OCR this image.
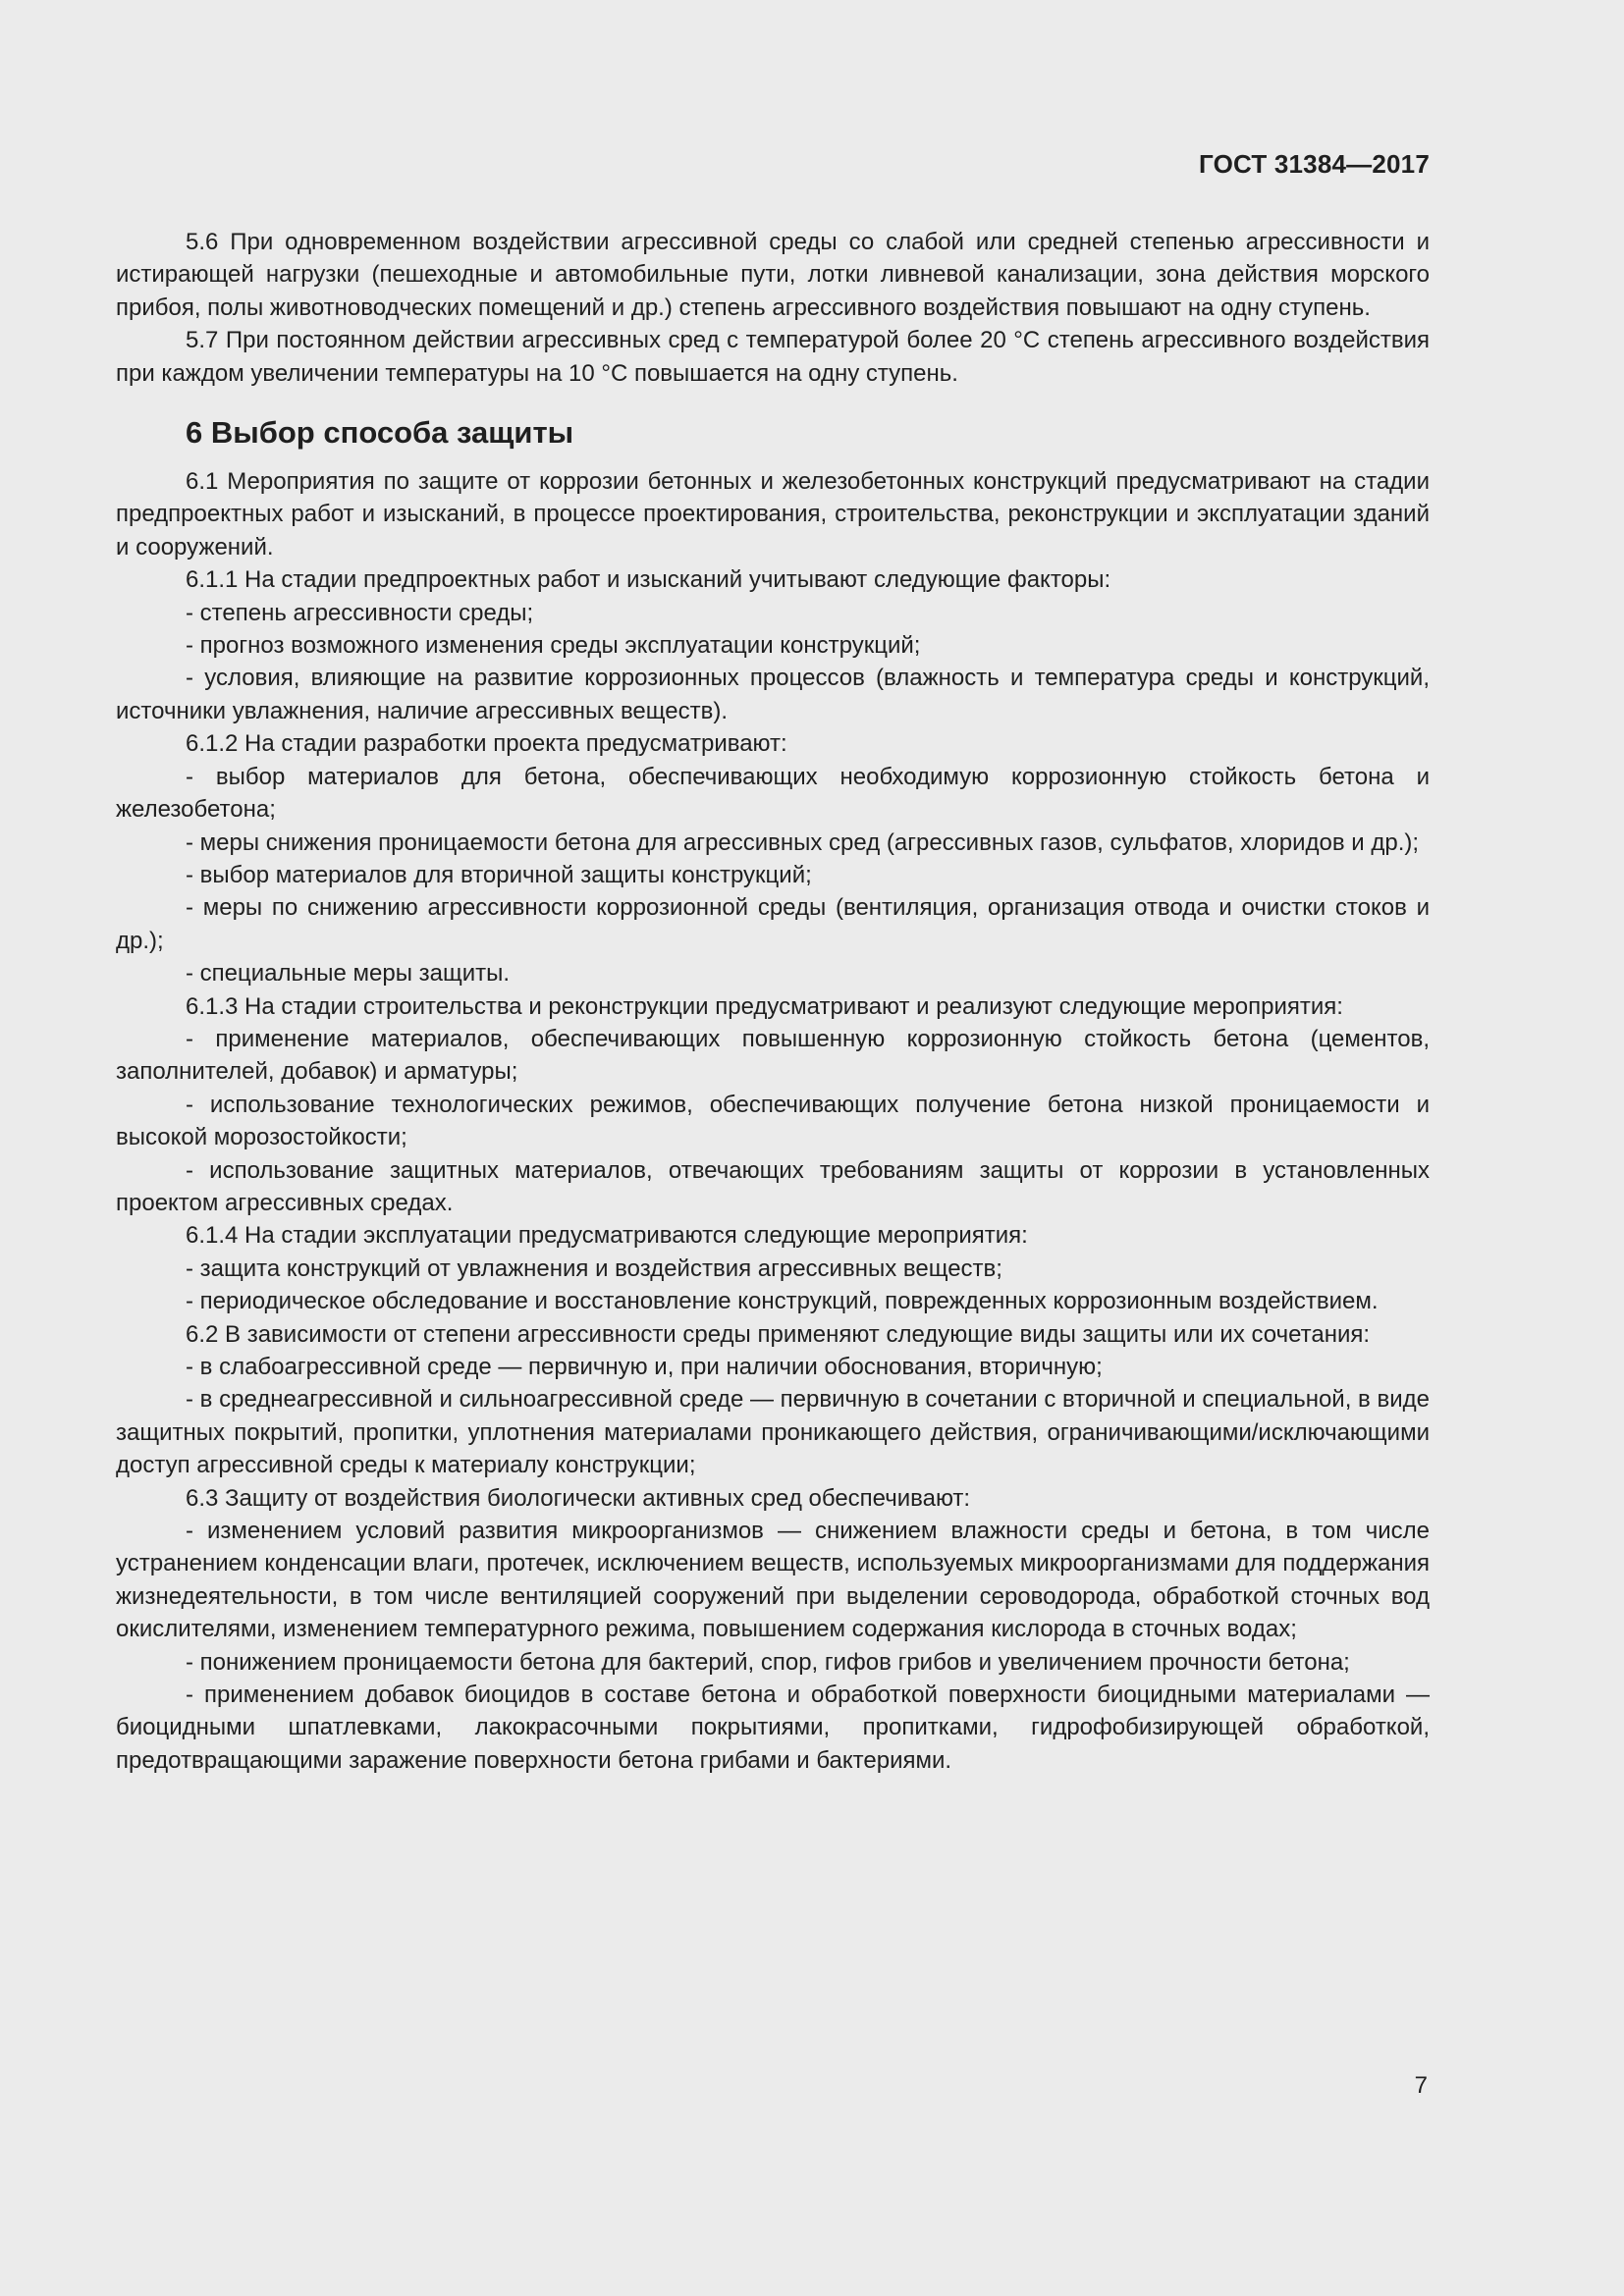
ГОСТ 31384—2017

5.6 При одновременном воздействии агрессивной среды со слабой или средней степенью агрессивности и истирающей нагрузки (пешеходные и автомобильные пути, лотки ливневой канализации, зона действия морского прибоя, полы животноводческих помещений и др.) степень агрессивного воздействия повышают на одну ступень.

5.7 При постоянном действии агрессивных сред с температурой более 20 °С степень агрессивного воздействия при каждом увеличении температуры на 10 °С повышается на одну ступень.

6 Выбор способа защиты

6.1 Мероприятия по защите от коррозии бетонных и железобетонных конструкций предусматривают на стадии предпроектных работ и изысканий, в процессе проектирования, строительства, реконструкции и эксплуатации зданий и сооружений.

6.1.1 На стадии предпроектных работ и изысканий учитывают следующие факторы:

- степень агрессивности среды;

- прогноз возможного изменения среды эксплуатации конструкций;

- условия, влияющие на развитие коррозионных процессов (влажность и температура среды и конструкций, источники увлажнения, наличие агрессивных веществ).

6.1.2 На стадии разработки проекта предусматривают:

- выбор материалов для бетона, обеспечивающих необходимую коррозионную стойкость бетона и железобетона;

- меры снижения проницаемости бетона для агрессивных сред (агрессивных газов, сульфатов, хлоридов и др.);

- выбор материалов для вторичной защиты конструкций;

- меры по снижению агрессивности коррозионной среды (вентиляция, организация отвода и очистки стоков и др.);

- специальные меры защиты.

6.1.3 На стадии строительства и реконструкции предусматривают и реализуют следующие мероприятия:

- применение материалов, обеспечивающих повышенную коррозионную стойкость бетона (цементов, заполнителей, добавок) и арматуры;

- использование технологических режимов, обеспечивающих получение бетона низкой проницаемости и высокой морозостойкости;

- использование защитных материалов, отвечающих требованиям защиты от коррозии в установленных проектом агрессивных средах.

6.1.4 На стадии эксплуатации предусматриваются следующие мероприятия:

- защита конструкций от увлажнения и воздействия агрессивных веществ;

- периодическое обследование и восстановление конструкций, поврежденных коррозионным воздействием.

6.2 В зависимости от степени агрессивности среды применяют следующие виды защиты или их сочетания:

- в слабоагрессивной среде — первичную и, при наличии обоснования, вторичную;

- в среднеагрессивной и сильноагрессивной среде — первичную в сочетании с вторичной и специальной, в виде защитных покрытий, пропитки, уплотнения материалами проникающего действия, ограничивающими/исключающими доступ агрессивной среды к материалу конструкции;

6.3 Защиту от воздействия биологически активных сред обеспечивают:

- изменением условий развития микроорганизмов — снижением влажности среды и бетона, в том числе устранением конденсации влаги, протечек, исключением веществ, используемых микроорганизмами для поддержания жизнедеятельности, в том числе вентиляцией сооружений при выделении сероводорода, обработкой сточных вод окислителями, изменением температурного режима, повышением содержания кислорода в сточных водах;

- понижением проницаемости бетона для бактерий, спор, гифов грибов и увеличением прочности бетона;

- применением добавок биоцидов в составе бетона и обработкой поверхности биоцидными материалами — биоцидными шпатлевками, лакокрасочными покрытиями, пропитками, гидрофобизирующей обработкой, предотвращающими заражение поверхности бетона грибами и бактериями.

7
